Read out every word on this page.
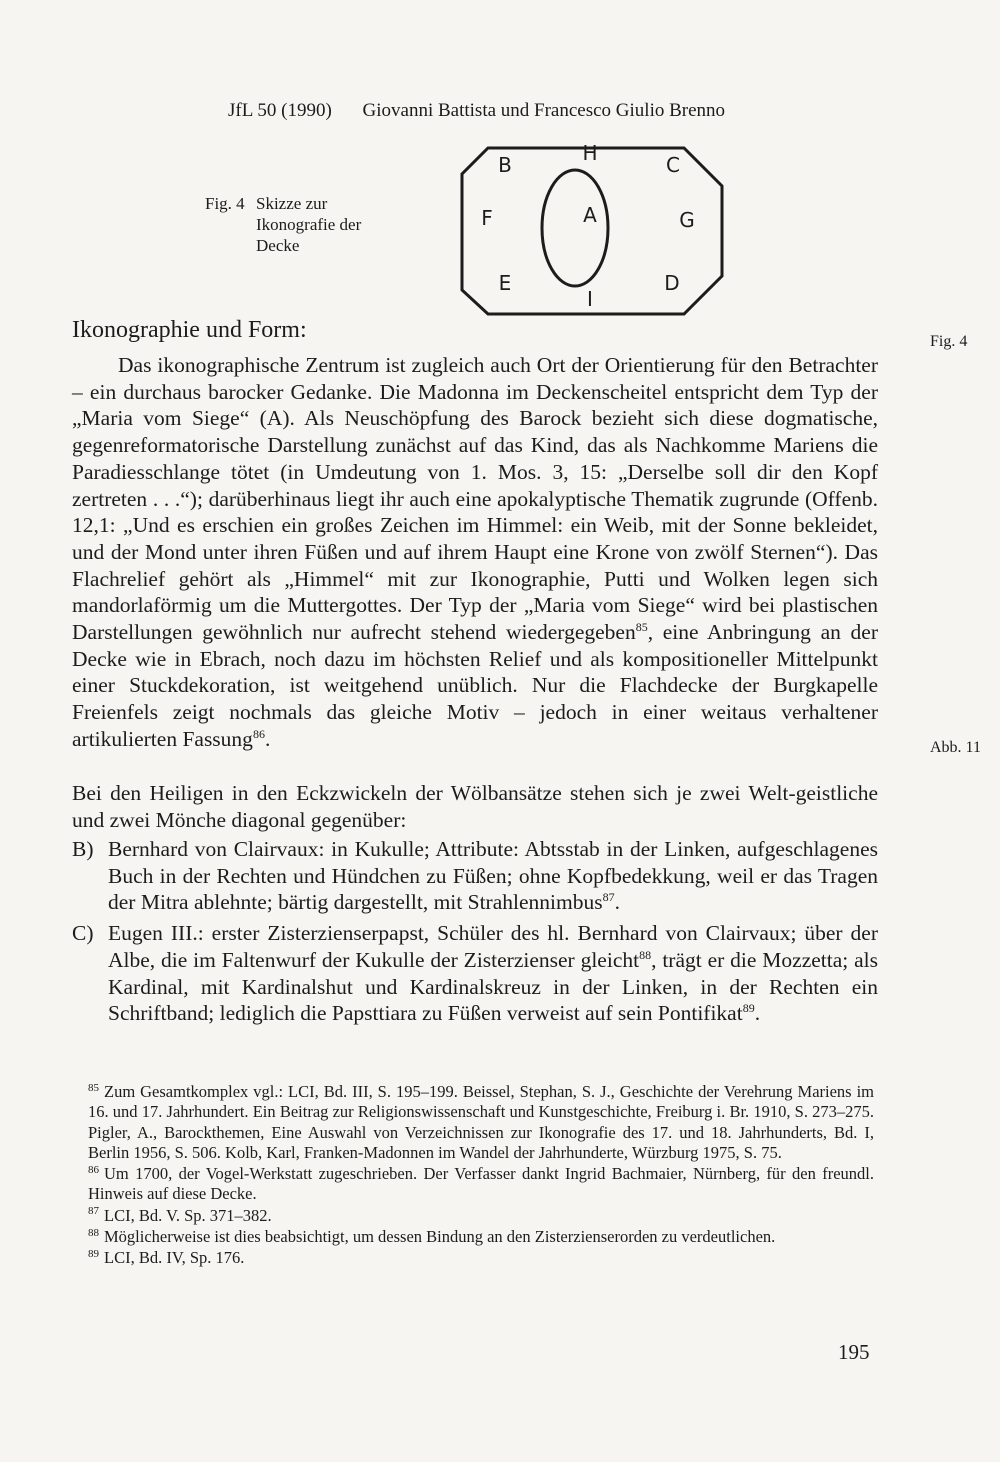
JfL 50 (1990) Giovanni Battista und Francesco Giulio Brenno
Fig. 4 Skizze zur Ikonografie der Decke
B	H	C
F	A	G
E
I
D
Ikonographie und Form:	Fig. 4
Abb. 11

Das ikonographische Zentrum ist zugleich auch Ort der Orientierung für den Betrachter – ein durchaus barocker Gedanke. Die Madonna im Deckenscheitel entspricht dem Typ der „Maria vom Siege“ (A). Als Neuschöpfung des Barock bezieht sich diese dogmatische, gegenreformatorische Darstellung zunächst auf das Kind, das als Nachkomme Mariens die Paradiesschlange tötet (in Umdeutung von 1. Mos. 3, 15: „Derselbe soll dir den Kopf zertreten . . .“); darüberhinaus liegt ihr auch eine apokalyptische Thematik zugrunde (Offenb. 12,1: „Und es erschien ein großes Zeichen im Himmel: ein Weib, mit der Sonne bekleidet, und der Mond unter ihren Füßen und auf ihrem Haupt eine Krone von zwölf Sternen“). Das Flachrelief gehört als „Himmel“ mit zur Ikonographie, Putti und Wolken legen sich mandorlaförmig um die Muttergottes. Der Typ der „Maria vom Siege“ wird bei plastischen Darstellungen gewöhnlich nur aufrecht stehend wiedergegeben$^{85}$, eine Anbringung an der Decke wie in Ebrach, noch dazu im höchsten Relief und als kompositioneller Mittelpunkt einer Stuckdekoration, ist weitgehend unüblich. Nur die Flachdecke der Burgkapelle Freienfels zeigt nochmals das gleiche Motiv – jedoch in einer weitaus verhaltener artikulierten Fassung$^{86}$.

Bei den Heiligen in den Eckzwickeln der Wölbansätze stehen sich je zwei Welt-geistliche und zwei Mönche diagonal gegenüber:

B) Bernhard von Clairvaux: in Kukulle; Attribute: Abtsstab in der Linken, aufgeschlagenes Buch in der Rechten und Hündchen zu Füßen; ohne Kopfbedekkung, weil er das Tragen der Mitra ablehnte; bärtig dargestellt, mit Strahlennimbus$^{87}$.
C) Eugen III.: erster Zisterzienserpapst, Schüler des hl. Bernhard von Clairvaux; über der Albe, die im Faltenwurf der Kukulle der Zisterzienser gleicht$^{88}$, trägt er die Mozzetta; als Kardinal, mit Kardinalshut und Kardinalskreuz in der Linken, in der Rechten ein Schriftband; lediglich die Papsttiara zu Füßen verweist auf sein Pontifikat$^{89}$.
$^{85}$ Zum Gesamtkomplex vgl.: LCI, Bd. III, S. 195–199. Beissel, Stephan, S. J., Geschichte der Verehrung Mariens im 16. und 17. Jahrhundert. Ein Beitrag zur Religionswissenschaft und Kunstgeschichte, Freiburg i. Br. 1910, S. 273–275. Pigler, A., Barockthemen, Eine Auswahl von Verzeichnissen zur Ikonografie des 17. und 18. Jahrhunderts, Bd. I, Berlin 1956, S. 506. Kolb, Karl, Franken-Madonnen im Wandel der Jahrhunderte, Würzburg 1975, S. 75.
$^{86}$ Um 1700, der Vogel-Werkstatt zugeschrieben. Der Verfasser dankt Ingrid Bachmaier, Nürnberg, für den freundl. Hinweis auf diese Decke.
$^{87}$ LCI, Bd. V. Sp. 371–382.
$^{88}$ Möglicherweise ist dies beabsichtigt, um dessen Bindung an den Zisterzienserorden zu verdeutlichen.
$^{89}$ LCI, Bd. IV, Sp. 176.
195
